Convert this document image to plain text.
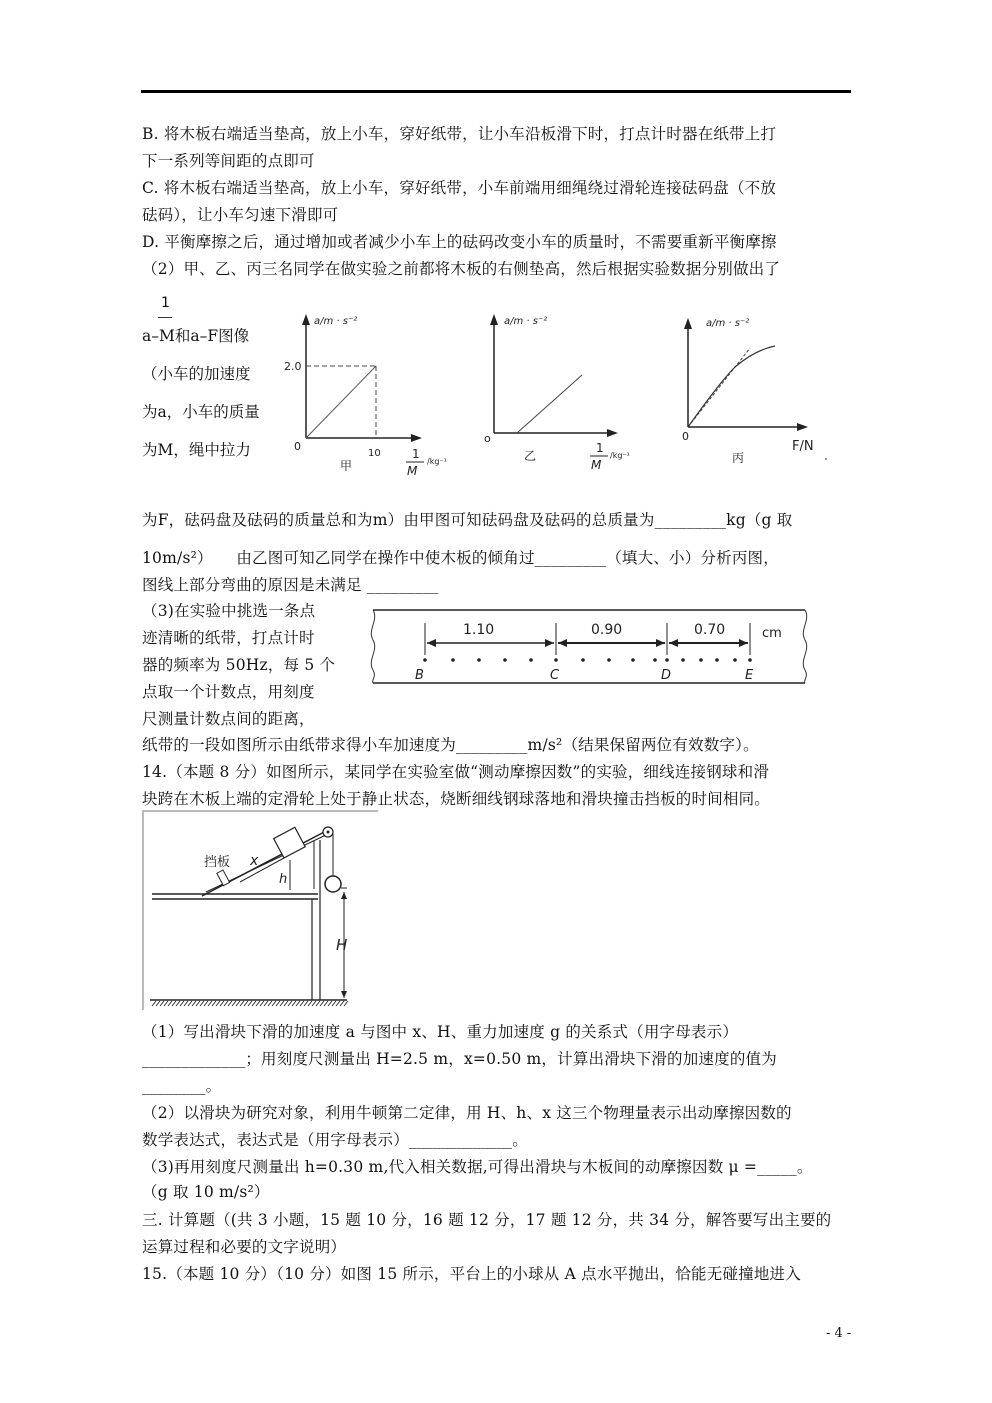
B. 将木板右端适当垫高，放上小车，穿好纸带，让小车沿板滑下时，打点计时器在纸带上打
下一系列等间距的点即可
C. 将木板右端适当垫高，放上小车，穿好纸带，小车前端用细绳绕过滑轮连接砝码盘（不放
砝码），让小车匀速下滑即可
D. 平衡摩擦之后，通过增加或者减少小车上的砝码改变小车的质量时，不需要重新平衡摩擦
（2）甲、乙、丙三名同学在做实验之前都将木板的右侧垫高，然后根据实验数据分别做出了
1
a–M和a–F图像
（小车的加速度
为a，小车的质量
为M，绳中拉力
a/m · s⁻²
2.0
0
10
甲
1
M
/kg⁻¹
a/m · s⁻²
o
乙
1
M
/kg⁻¹
a/m · s⁻²
0
F/N
丙
为F，砝码盘及砝码的质量总和为m）由甲图可知砝码盘及砝码的总质量为_________kg（g 取
10m/s²）　　由乙图可知乙同学在操作中使木板的倾角过_________（填大、小）分析丙图，
图线上部分弯曲的原因是未满足 _________
（3)在实验中挑选一条点
迹清晰的纸带，打点计时
器的频率为 50Hz，每 5 个
点取一个计数点，用刻度
尺测量计数点间的距离，
1.10	0.90	0.70	cm
B	C	D	E
纸带的一段如图所示由纸带求得小车加速度为_________m/s²（结果保留两位有效数字）。
14.（本题 8 分）如图所示，某同学在实验室做“测动摩擦因数”的实验，细线连接钢球和滑
块跨在木板上端的定滑轮上处于静止状态，烧断细线钢球落地和滑块撞击挡板的时间相同。
挡板 x
h
H
（1）写出滑块下滑的加速度 a 与图中 x、H、重力加速度 g 的关系式（用字母表示）
_____________；用刻度尺测量出 H=2.5 m，x=0.50 m，计算出滑块下滑的加速度的值为
________。
（2）以滑块为研究对象，利用牛顿第二定律，用 H、h、x 这三个物理量表示出动摩擦因数的
数学表达式，表达式是（用字母表示）_____________。
（3)再用刻度尺测量出 h=0.30 m,代入相关数据,可得出滑块与木板间的动摩擦因数 μ =_____。
（g 取 10 m/s²）
三. 计算题（(共 3 小题，15 题 10 分，16 题 12 分，17 题 12 分，共 34 分，解答要写出主要的
运算过程和必要的文字说明）
15.（本题 10 分）（10 分）如图 15 所示，平台上的小球从 A 点水平抛出，恰能无碰撞地进入
- 4 -
